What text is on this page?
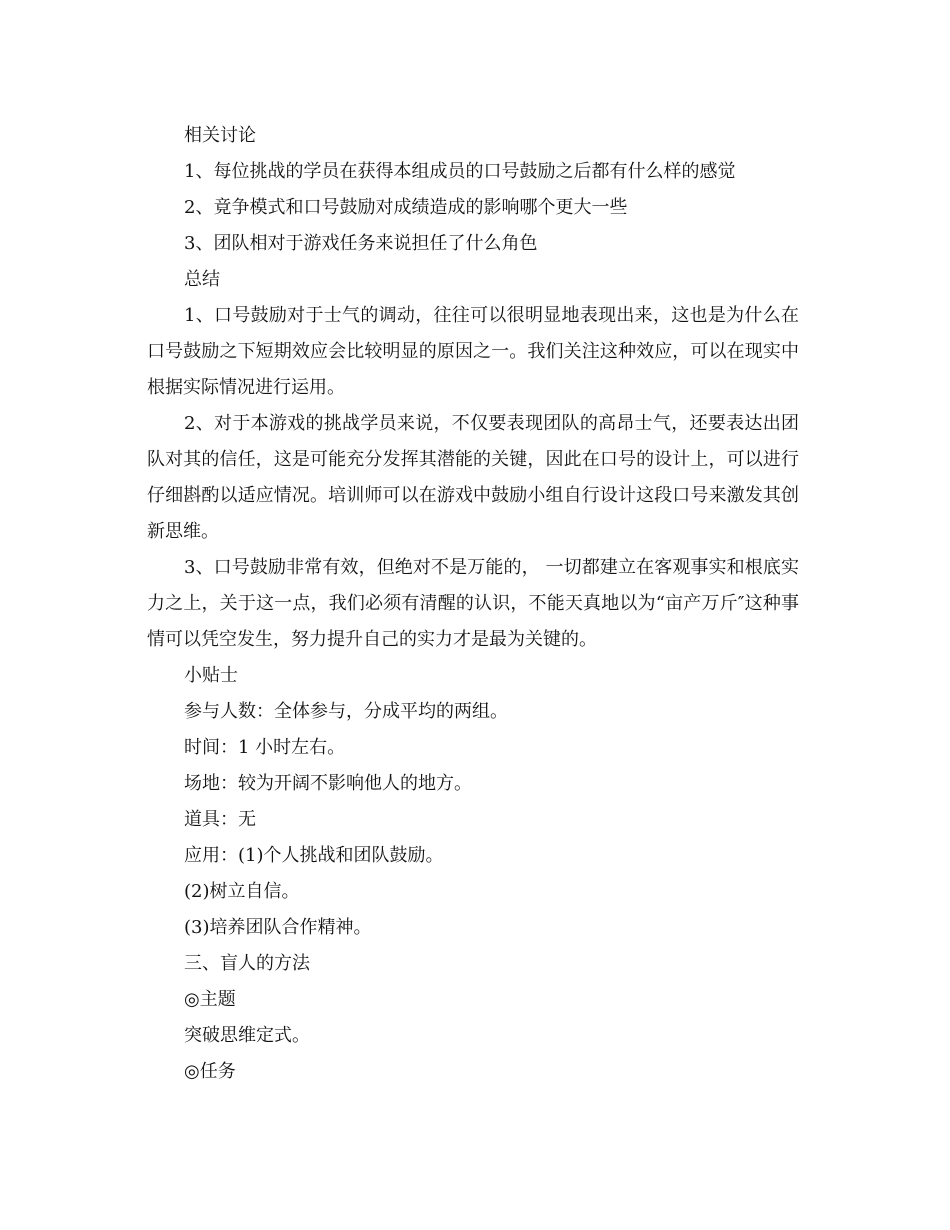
相关讨论
1、每位挑战的学员在获得本组成员的口号鼓励之后都有什么样的感觉
2、竟争模式和口号鼓励对成绩造成的影响哪个更大一些
3、团队相对于游戏任务来说担任了什么角色
总结

1、口号鼓励对于士气的调动，往往可以很明显地表现出来，这也是为什么在口号鼓励之下短期效应会比较明显的原因之一。我们关注这种效应，可以在现实中根据实际情况进行运用。

2、对于本游戏的挑战学员来说，不仅要表现团队的高昂士气，还要表达出团队对其的信任，这是可能充分发挥其潜能的关键，因此在口号的设计上，可以进行仔细斟酌以适应情况。培训师可以在游戏中鼓励小组自行设计这段口号来激发其创新思维。

3、口号鼓励非常有效，但绝对不是万能的， 一切都建立在客观事实和根底实力之上，关于这一点，我们必须有清醒的认识，不能天真地以为“亩产万斤″这种事情可以凭空发生，努力提升自己的实力才是最为关键的。

小贴士
参与人数：全体参与，分成平均的两组。
时间：1 小时左右。
场地：较为开阔不影响他人的地方。
道具：无
应用：(1)个人挑战和团队鼓励。
(2)树立自信。
(3)培养团队合作精神。
三、盲人的方法
◎主题
突破思维定式。
◎任务
